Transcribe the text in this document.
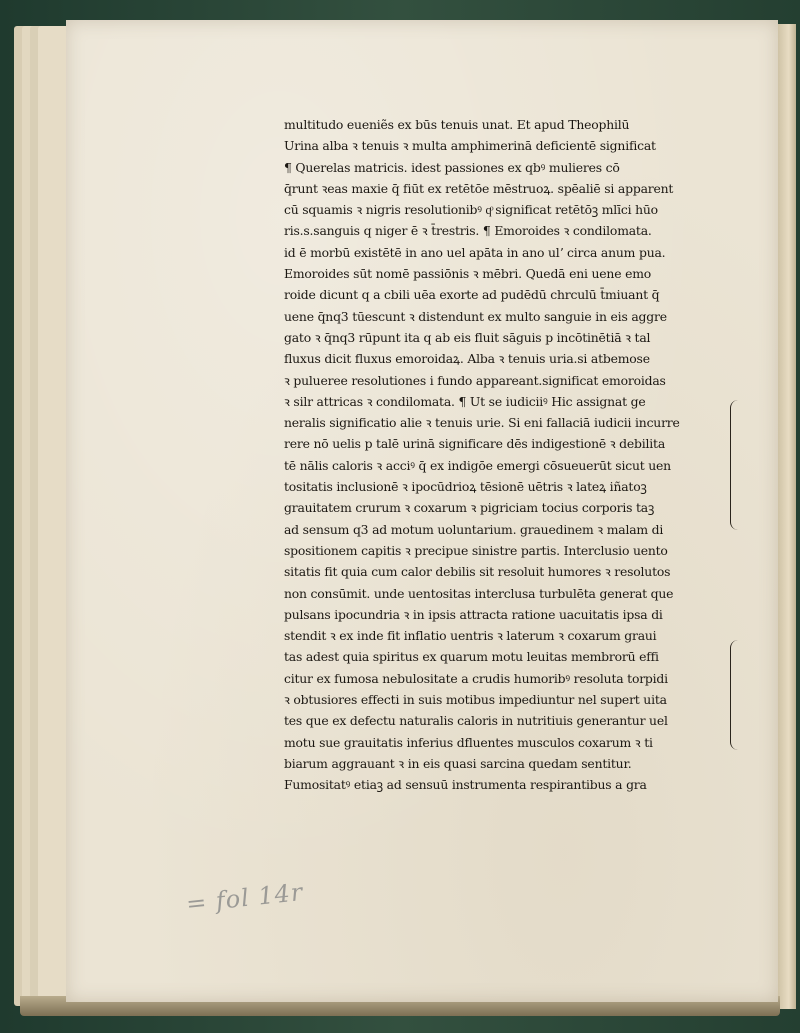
multitudo eueniẽs ex būs tenuis unat. Et apud Theophilū
Urina alba ꝛ tenuis ꝛ multa amphimerinā deficientē significat
¶ Querelas matricis. idest passiones ex qbꝰ mulieres cō
q̄runt ꝛeas maxie q̄ fiūt ex retētōe mēstruoꝝ. spēaliē si apparent
cū squamis ꝛ nigris resolutionibꝰ qͦ significat retētōꝫ mlīci hūo
ris.s.sanguis q niger ē ꝛ t̄restris. ¶ Emoroides ꝛ condilomata.
id ē morbū existētē in ano uel apāta in ano ulʼ circa anum pua.
Emoroides sūt nomē passiōnis ꝛ mēbri. Quedā eni uene emo
roide dicunt q a cbili uēa exorte ad pudēdū chrculū t̄miuant q̄
uene q̄nq3 tūescunt ꝛ distendunt ex multo sanguie in eis aggre
gato ꝛ q̄nq3 rūpunt ita q ab eis fluit sāguis p incōtinētiā ꝛ tal
fluxus dicit fluxus emoroidaꝝ. Alba ꝛ tenuis uria.si atbemose
ꝛ pulueree resolutiones i fundo appareant.significat emoroidas
ꝛ silr attricas ꝛ condilomata. ¶ Ut se iudiciiꝰ Hic assignat ge
neralis significatio alie ꝛ tenuis urie. Si eni fallaciā iudicii incurre
rere nō uelis p talē urinā significare dēs indigestionē ꝛ debilita
tē nālis caloris ꝛ acciꝰ q̄ ex indigōe emergi cōsueuerūt sicut uen
tositatis inclusionē ꝛ ipocūdrioꝝ tēsionē uētris ꝛ lateꝝ iñatoꝫ
grauitatem crurum ꝛ coxarum ꝛ pigriciam tocius corporis taꝫ
ad sensum q3 ad motum uoluntarium. grauedinem ꝛ malam di
spositionem capitis ꝛ precipue sinistre partis. Interclusio uento
sitatis fit quia cum calor debilis sit resoluit humores ꝛ resolutos
non consūmit. unde uentositas interclusa turbulēta generat que
pulsans ipocundria ꝛ in ipsis attracta ratione uacuitatis ipsa di
stendit ꝛ ex inde fit inflatio uentris ꝛ laterum ꝛ coxarum graui
tas adest quia spiritus ex quarum motu leuitas membrorū effi
citur ex fumosa nebulositate a crudis humoribꝰ resoluta torpidi
ꝛ obtusiores effecti in suis motibus impediuntur nel supert uita
tes que ex defectu naturalis caloris in nutritiuis generantur uel
motu sue grauitatis inferius dfluentes musculos coxarum ꝛ ti
biarum aggrauant ꝛ in eis quasi sarcina quedam sentitur.
Fumositatꝰ etiaꝫ ad sensuū instrumenta respirantibus a gra
= fol 14r
